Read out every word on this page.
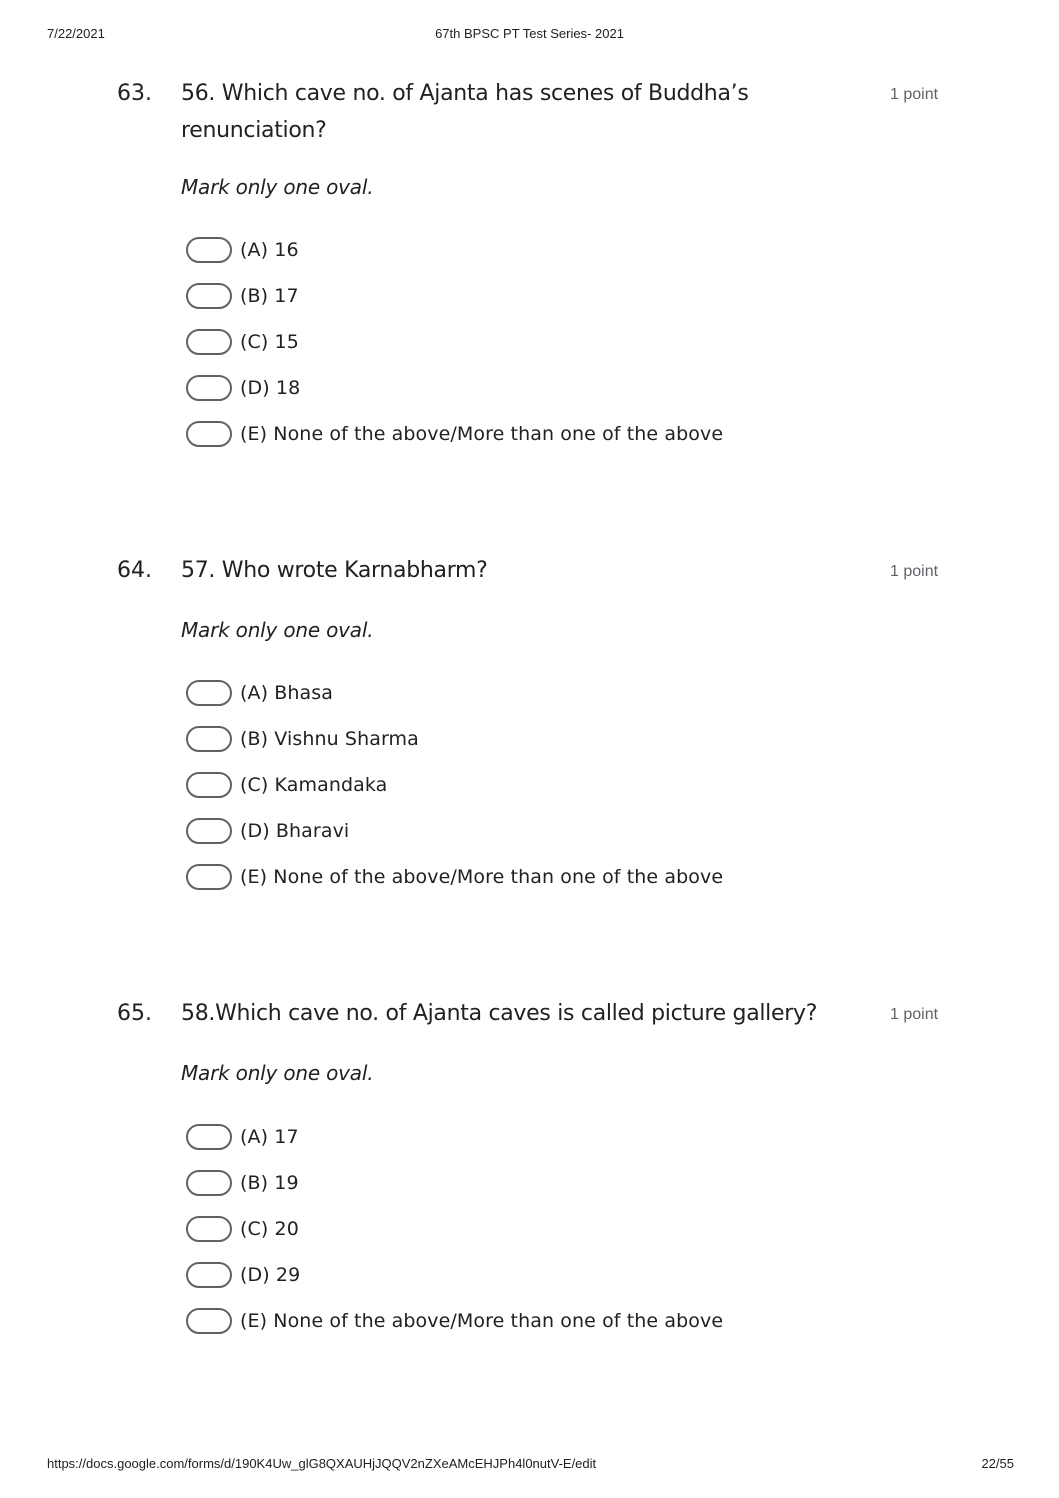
7/22/2021	67th BPSC PT Test Series- 2021
63. 56. Which cave no. of Ajanta has scenes of Buddha’s renunciation?
1 point
Mark only one oval.
(A) 16
(B) 17
(C) 15
(D) 18
(E) None of the above/More than one of the above
64. 57. Who wrote Karnabharm?	1 point
Mark only one oval.
(A) Bhasa
(B) Vishnu Sharma
(C) Kamandaka
(D) Bharavi
(E) None of the above/More than one of the above
65. 58.Which cave no. of Ajanta caves is called picture gallery?	1 point
Mark only one oval.
(A) 17
(B) 19
(C) 20
(D) 29
(E) None of the above/More than one of the above
https://docs.google.com/forms/d/190K4Uw_glG8QXAUHjJQQV2nZXeAMcEHJPh4l0nutV-E/edit	22/55
